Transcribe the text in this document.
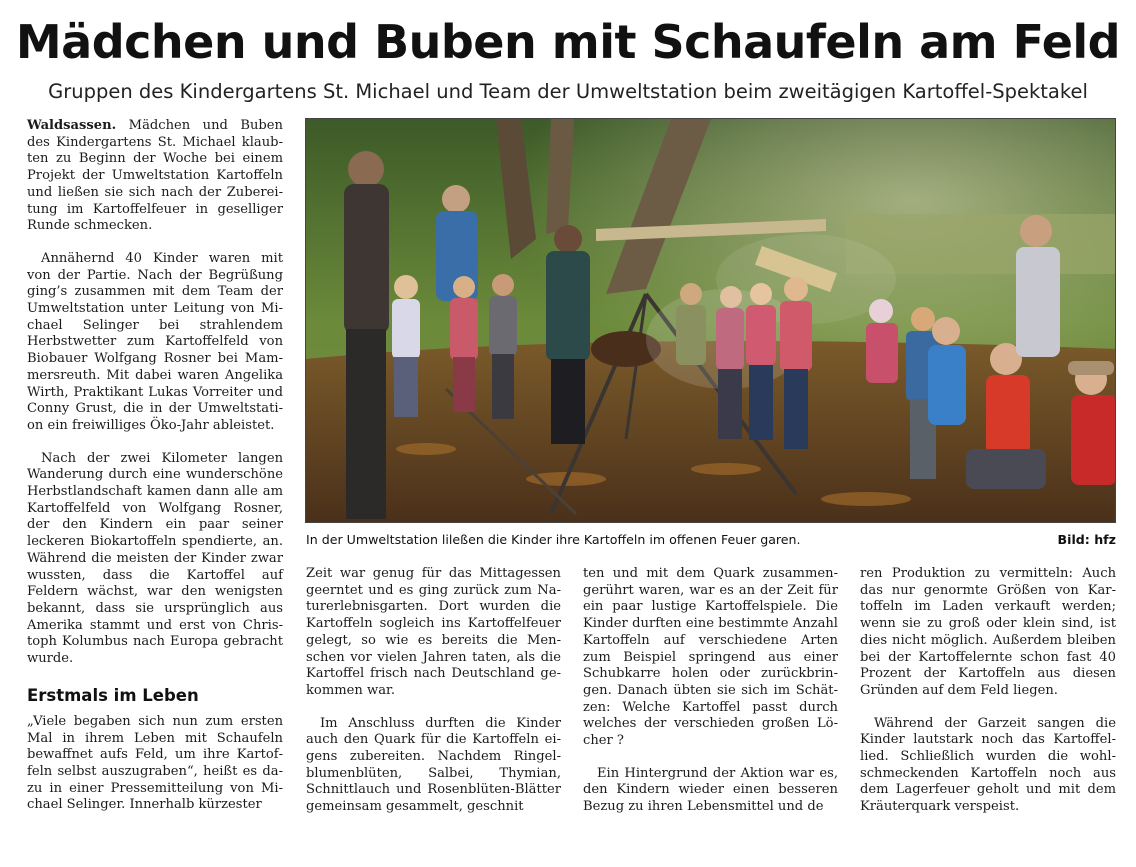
Mädchen und Buben mit Schaufeln am Feld
Gruppen des Kindergartens St. Michael und Team der Umweltstation beim zweitägigen Kartoffel-Spektakel

Waldsassen. Mädchen und Buben des Kindergartens St. Michael klaubten zu Beginn der Woche bei einem Projekt der Umweltstation Kartoffeln und ließen sie sich nach der Zubereitung im Kartoffelfeuer in geselliger Runde schmecken.

Annähernd 40 Kinder waren mit von der Partie. Nach der Begrüßung ging’s zusammen mit dem Team der Umweltstation unter Leitung von Michael Selinger bei strahlendem Herbstwetter zum Kartoffelfeld von Biobauer Wolfgang Rosner bei Mammersreuth. Mit dabei waren Angelika Wirth, Praktikant Lukas Vorreiter und Conny Grust, die in der Umweltstation ein freiwilliges Öko-Jahr ableistet.

Nach der zwei Kilometer langen Wanderung durch eine wunderschöne Herbstlandschaft kamen dann alle am Kartoffelfeld von Wolfgang Rosner, der den Kindern ein paar seiner leckeren Biokartoffeln spendierte, an. Während die meisten der Kinder zwar wussten, dass die Kartoffel auf Feldern wächst, war den wenigsten bekannt, dass sie ursprünglich aus Amerika stammt und erst von Christoph Kolumbus nach Europa gebracht wurde.

Erstmals im Leben

„Viele begaben sich nun zum ersten Mal in ihrem Leben mit Schaufeln bewaffnet aufs Feld, um ihre Kartoffeln selbst auszugraben“, heißt es dazu in einer Pressemitteilung von Michael Selinger. Innerhalb kürzester

In der Umweltstation lileßen die Kinder ihre Kartoffeln im offenen Feuer garen.	Bild: hfz

Zeit war genug für das Mittagessen geerntet und es ging zurück zum Naturerlebnisgarten. Dort wurden die Kartoffeln sogleich ins Kartoffelfeuer gelegt, so wie es bereits die Menschen vor vielen Jahren taten, als die Kartoffel frisch nach Deutschland gekommen war.

Im Anschluss durften die Kinder auch den Quark für die Kartoffeln eigens zubereiten. Nachdem Ringelblumenblüten, Salbei, Thymian, Schnittlauch und Rosenblüten-Blätter gemeinsam gesammelt, geschnit

ten und mit dem Quark zusammengerührt waren, war es an der Zeit für ein paar lustige Kartoffelspiele. Die Kinder durften eine bestimmte Anzahl Kartoffeln auf verschiedene Arten zum Beispiel springend aus einer Schubkarre holen oder zurückbringen. Danach übten sie sich im Schätzen: Welche Kartoffel passt durch welches der verschieden großen Löcher ?

Ein Hintergrund der Aktion war es, den Kindern wieder einen besseren Bezug zu ihren Lebensmittel und de

ren Produktion zu vermitteln: Auch das nur genormte Größen von Kartoffeln im Laden verkauft werden; wenn sie zu groß oder klein sind, ist dies nicht möglich. Außerdem bleiben bei der Kartoffelernte schon fast 40 Prozent der Kartoffeln aus diesen Gründen auf dem Feld liegen.

Während der Garzeit sangen die Kinder lautstark noch das Kartoffellied. Schließlich wurden die wohlschmeckenden Kartoffeln noch aus dem Lagerfeuer geholt und mit dem Kräuterquark verspeist.
